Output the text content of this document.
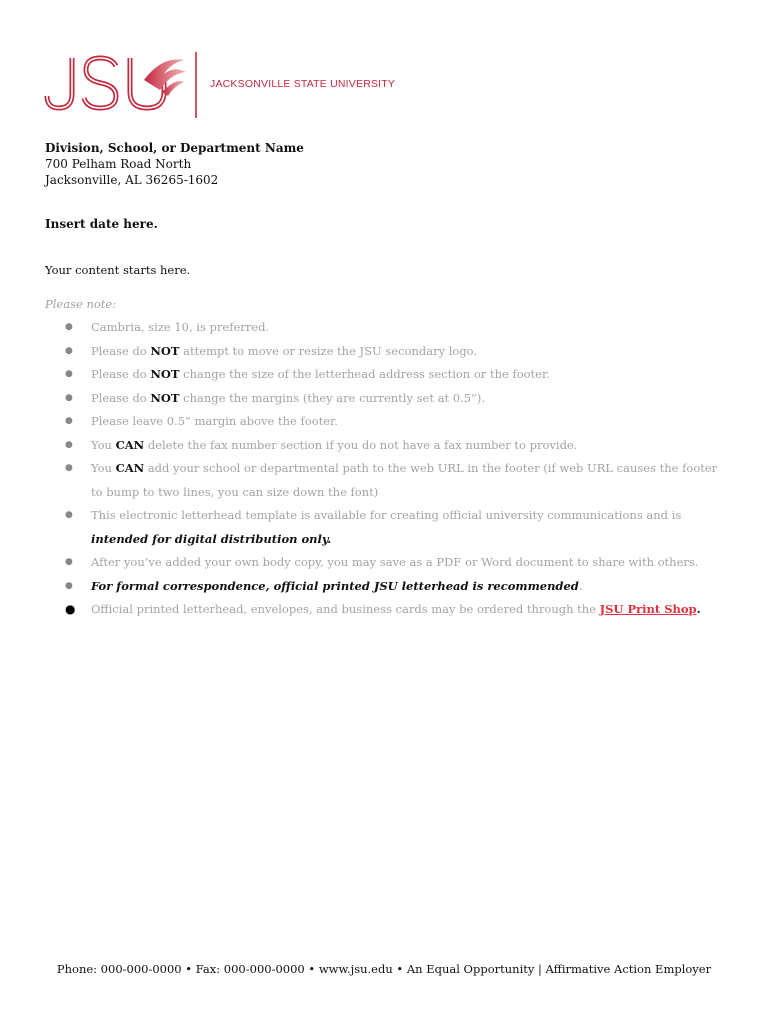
JACKSONVILLE STATE UNIVERSITY
Division, School, or Department Name
700 Pelham Road North
Jacksonville, AL 36265-1602
Insert date here.
Your content starts here.
Please note:
● Cambria, size 10, is preferred.
● Please do NOT attempt to move or resize the JSU secondary logo.
● Please do NOT change the size of the letterhead address section or the footer.
● Please do NOT change the margins (they are currently set at 0.5”).
● Please leave 0.5” margin above the footer.
● You CAN delete the fax number section if you do not have a fax number to provide.
● You CAN add your school or departmental path to the web URL in the footer (if web URL causes the footer to bump to two lines, you can size down the font)
● This electronic letterhead template is available for creating official university communications and is intended for digital distribution only.
● After you’ve added your own body copy, you may save as a PDF or Word document to share with others.
● For formal correspondence, official printed JSU letterhead is recommended.
● Official printed letterhead, envelopes, and business cards may be ordered through the JSU Print Shop.
Phone: 000-000-0000 • Fax: 000-000-0000 • www.jsu.edu • An Equal Opportunity | Affirmative Action Employer
